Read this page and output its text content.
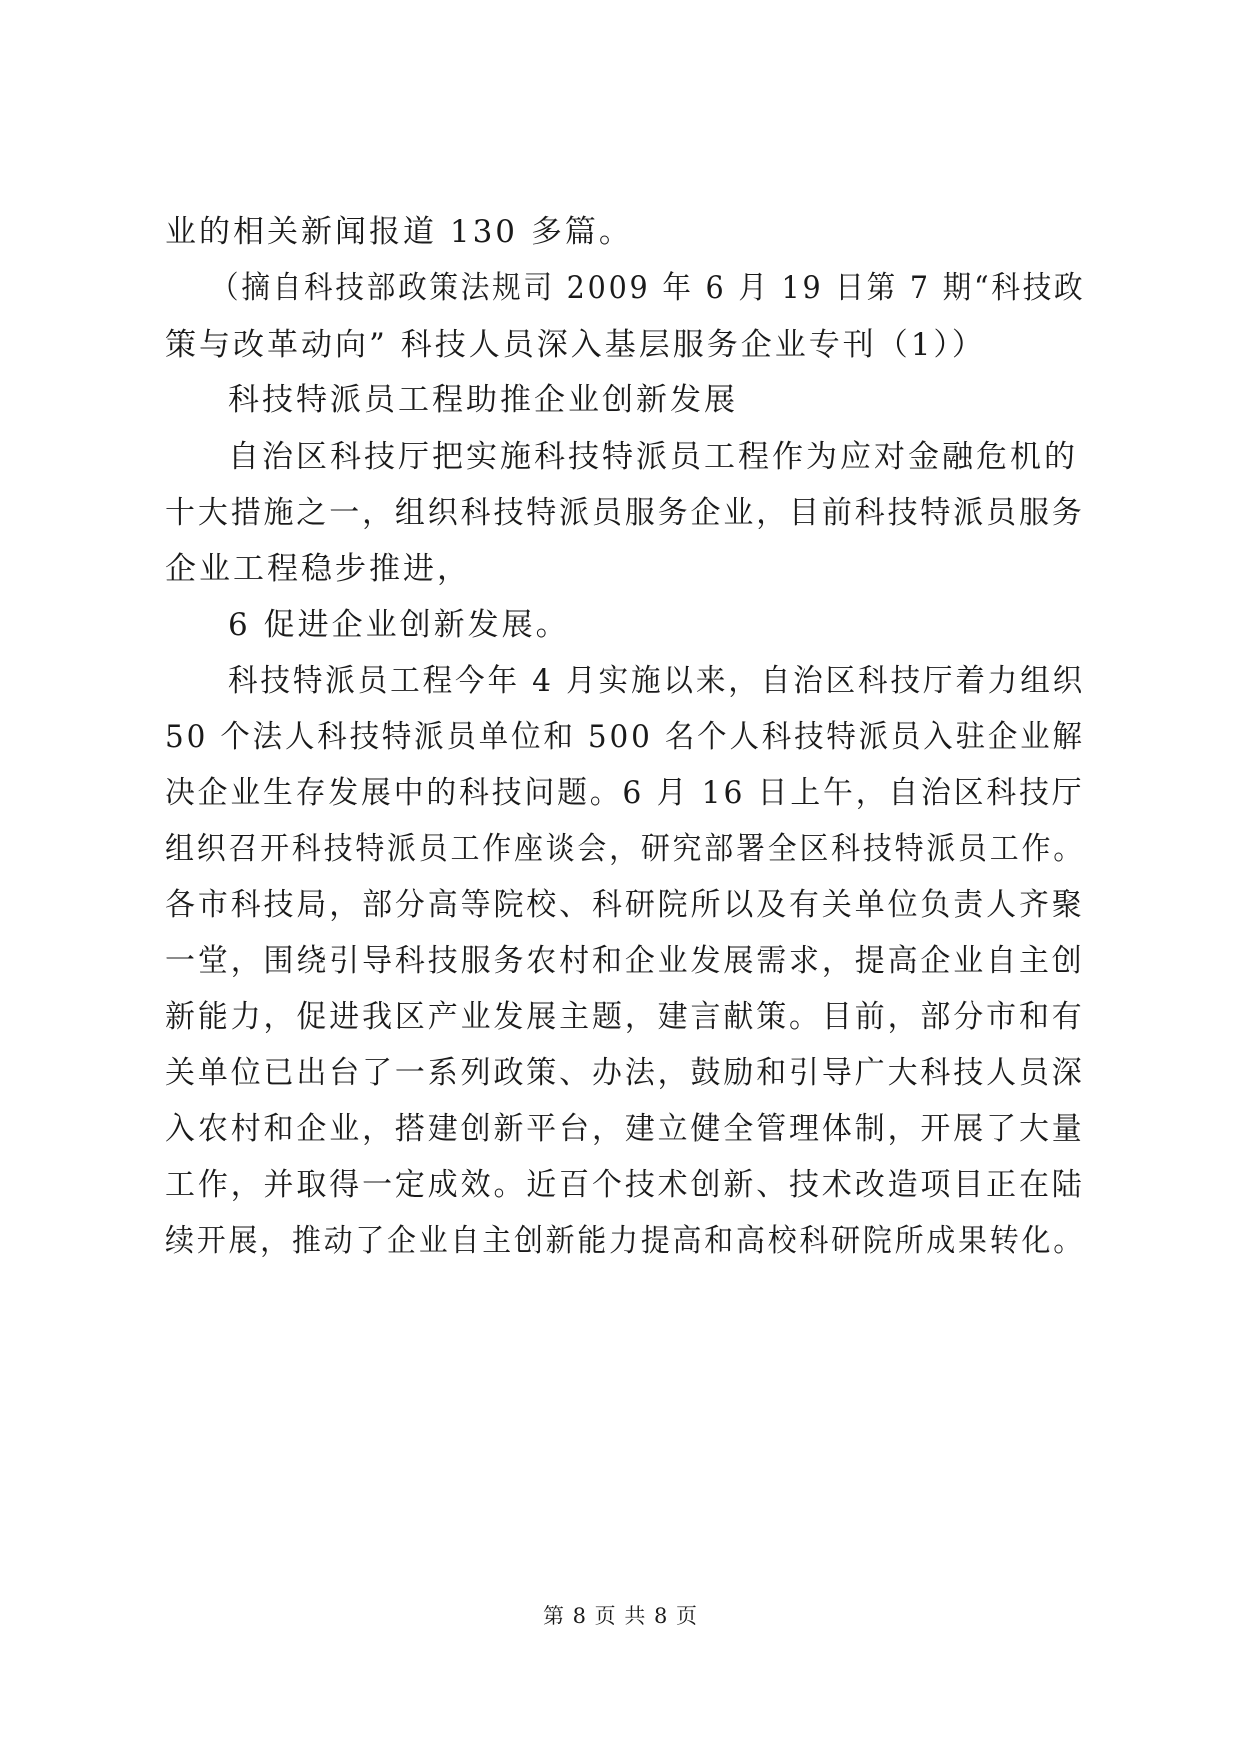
业的相关新闻报道 130 多篇。
（摘自科技部政策法规司 2009 年 6 月 19 日第 7 期“科技政
策与改革动向” 科技人员深入基层服务企业专刊（1））
科技特派员工程助推企业创新发展
自治区科技厅把实施科技特派员工程作为应对金融危机的
十大措施之一，组织科技特派员服务企业，目前科技特派员服务
企业工程稳步推进，
6 促进企业创新发展。
科技特派员工程今年 4 月实施以来，自治区科技厅着力组织
50 个法人科技特派员单位和 500 名个人科技特派员入驻企业解
决企业生存发展中的科技问题。6 月 16 日上午，自治区科技厅
组织召开科技特派员工作座谈会，研究部署全区科技特派员工作。
各市科技局，部分高等院校、科研院所以及有关单位负责人齐聚
一堂，围绕引导科技服务农村和企业发展需求，提高企业自主创
新能力，促进我区产业发展主题，建言献策。目前，部分市和有
关单位已出台了一系列政策、办法，鼓励和引导广大科技人员深
入农村和企业，搭建创新平台，建立健全管理体制，开展了大量
工作，并取得一定成效。近百个技术创新、技术改造项目正在陆
续开展，推动了企业自主创新能力提高和高校科研院所成果转化。
第 8 页 共 8 页
